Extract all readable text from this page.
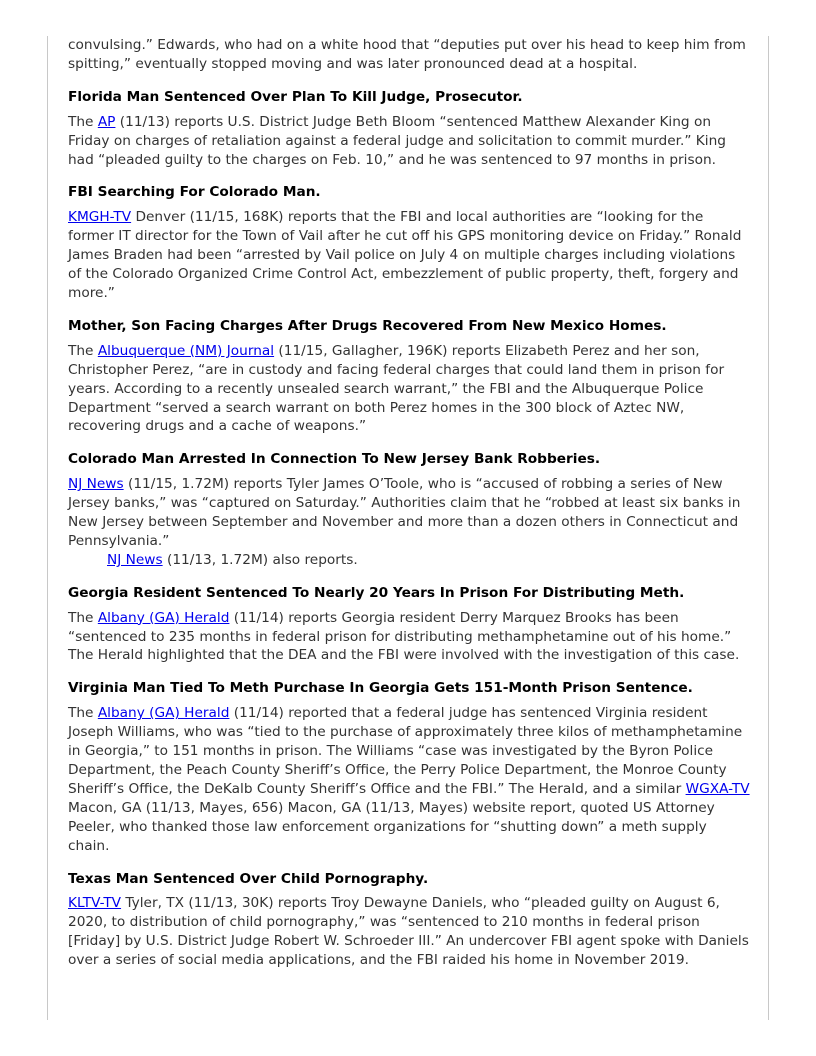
convulsing.” Edwards, who had on a white hood that “deputies put over his head to keep him from spitting,” eventually stopped moving and was later pronounced dead at a hospital.

Florida Man Sentenced Over Plan To Kill Judge, Prosecutor.

The AP (11/13) reports U.S. District Judge Beth Bloom “sentenced Matthew Alexander King on Friday on charges of retaliation against a federal judge and solicitation to commit murder.” King had “pleaded guilty to the charges on Feb. 10,” and he was sentenced to 97 months in prison.

FBI Searching For Colorado Man.

KMGH-TV Denver (11/15, 168K) reports that the FBI and local authorities are “looking for the former IT director for the Town of Vail after he cut off his GPS monitoring device on Friday.” Ronald James Braden had been “arrested by Vail police on July 4 on multiple charges including violations of the Colorado Organized Crime Control Act, embezzlement of public property, theft, forgery and more.”

Mother, Son Facing Charges After Drugs Recovered From New Mexico Homes.

The Albuquerque (NM) Journal (11/15, Gallagher, 196K) reports Elizabeth Perez and her son, Christopher Perez, “are in custody and facing federal charges that could land them in prison for years. According to a recently unsealed search warrant,” the FBI and the Albuquerque Police Department “served a search warrant on both Perez homes in the 300 block of Aztec NW, recovering drugs and a cache of weapons.”

Colorado Man Arrested In Connection To New Jersey Bank Robberies.

NJ News (11/15, 1.72M) reports Tyler James O’Toole, who is “accused of robbing a series of New Jersey banks,” was “captured on Saturday.” Authorities claim that he “robbed at least six banks in New Jersey between September and November and more than a dozen others in Connecticut and Pennsylvania.”

NJ News (11/13, 1.72M) also reports.

Georgia Resident Sentenced To Nearly 20 Years In Prison For Distributing Meth.

The Albany (GA) Herald (11/14) reports Georgia resident Derry Marquez Brooks has been “sentenced to 235 months in federal prison for distributing methamphetamine out of his home.” The Herald highlighted that the DEA and the FBI were involved with the investigation of this case.

Virginia Man Tied To Meth Purchase In Georgia Gets 151-Month Prison Sentence.

The Albany (GA) Herald (11/14) reported that a federal judge has sentenced Virginia resident Joseph Williams, who was “tied to the purchase of approximately three kilos of methamphetamine in Georgia,” to 151 months in prison. The Williams “case was investigated by the Byron Police Department, the Peach County Sheriff’s Office, the Perry Police Department, the Monroe County Sheriff’s Office, the DeKalb County Sheriff’s Office and the FBI.” The Herald, and a similar WGXA-TV Macon, GA (11/13, Mayes, 656) Macon, GA (11/13, Mayes) website report, quoted US Attorney Peeler, who thanked those law enforcement organizations for “shutting down” a meth supply chain.

Texas Man Sentenced Over Child Pornography.

KLTV-TV Tyler, TX (11/13, 30K) reports Troy Dewayne Daniels, who “pleaded guilty on August 6, 2020, to distribution of child pornography,” was “sentenced to 210 months in federal prison [Friday] by U.S. District Judge Robert W. Schroeder III.” An undercover FBI agent spoke with Daniels over a series of social media applications, and the FBI raided his home in November 2019.
